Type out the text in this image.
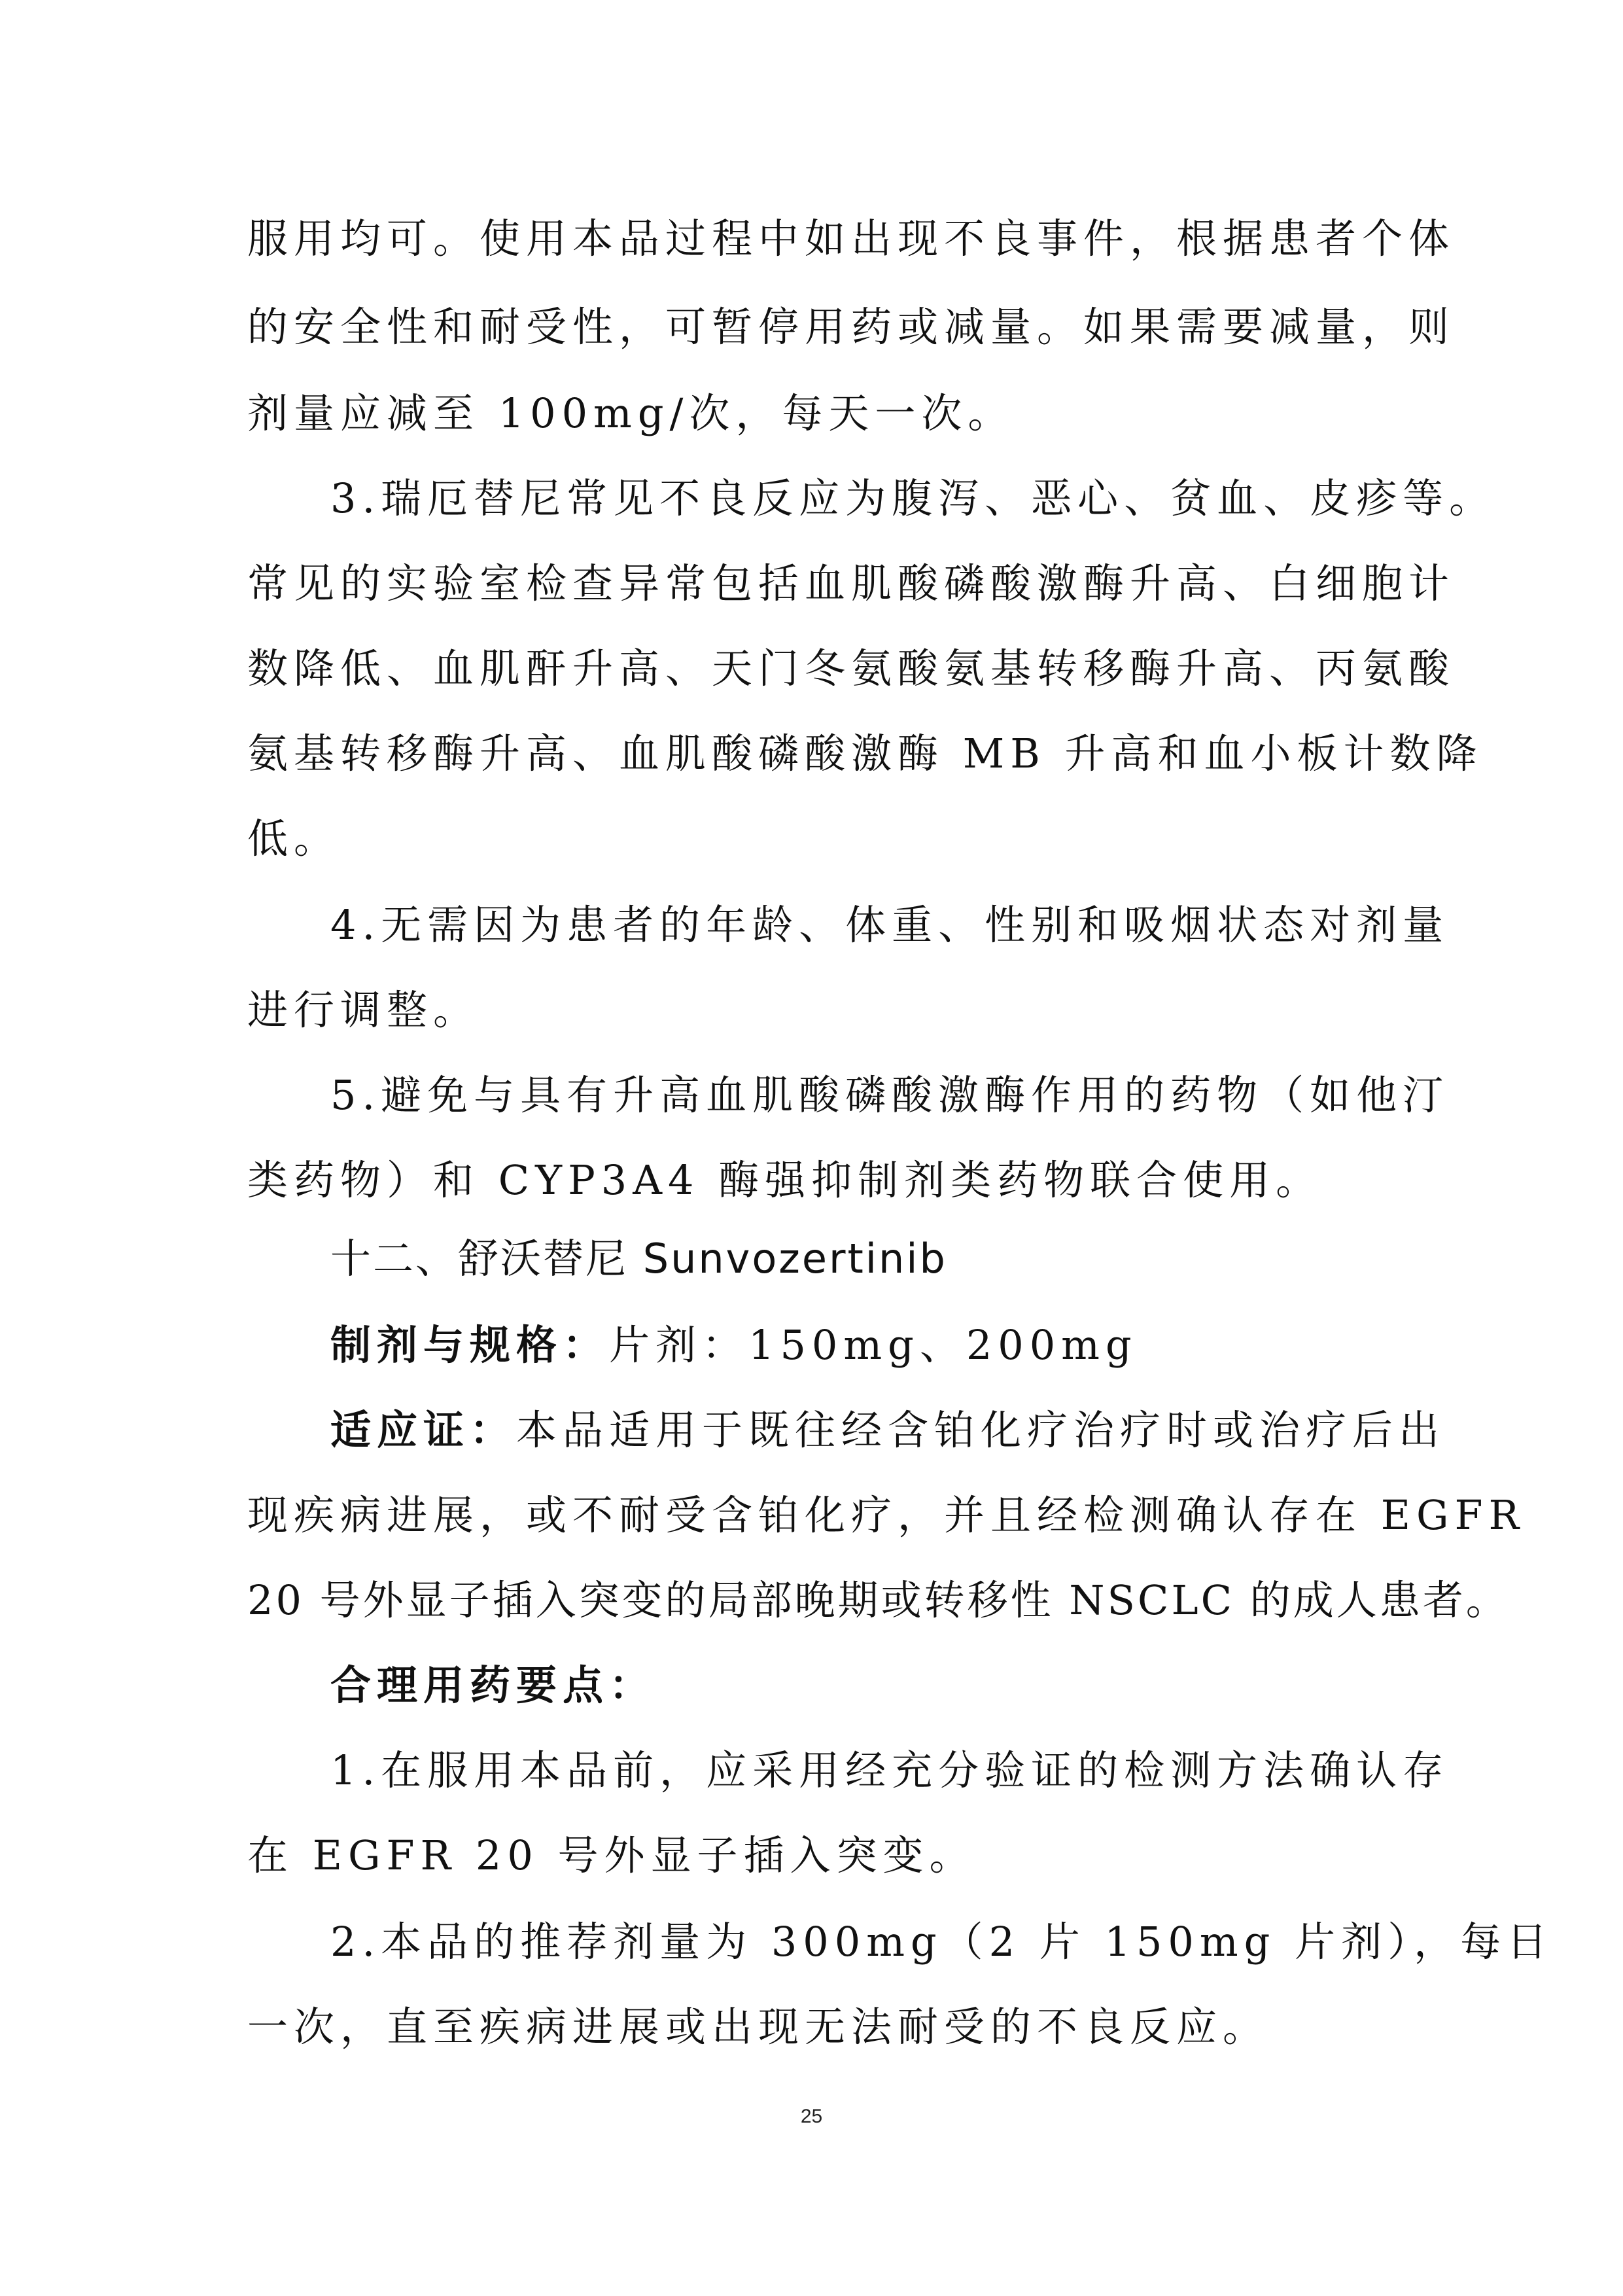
服用均可。使用本品过程中如出现不良事件，根据患者个体
的安全性和耐受性，可暂停用药或减量。如果需要减量，则
剂量应减至 100mg/次，每天一次。
3.瑞厄替尼常见不良反应为腹泻、恶心、贫血、皮疹等。
常见的实验室检查异常包括血肌酸磷酸激酶升高、白细胞计
数降低、血肌酐升高、天门冬氨酸氨基转移酶升高、丙氨酸
氨基转移酶升高、血肌酸磷酸激酶 MB 升高和血小板计数降
低。
4.无需因为患者的年龄、体重、性别和吸烟状态对剂量
进行调整。
5.避免与具有升高血肌酸磷酸激酶作用的药物（如他汀
类药物）和 CYP3A4 酶强抑制剂类药物联合使用。
十二、舒沃替尼 Sunvozertinib
制剂与规格：片剂：150mg、200mg
适应证：本品适用于既往经含铂化疗治疗时或治疗后出
现疾病进展，或不耐受含铂化疗，并且经检测确认存在 EGFR
20 号外显子插入突变的局部晚期或转移性 NSCLC 的成人患者。
合理用药要点：
1.在服用本品前，应采用经充分验证的检测方法确认存
在 EGFR 20 号外显子插入突变。
2.本品的推荐剂量为 300mg（2 片 150mg 片剂），每日
一次，直至疾病进展或出现无法耐受的不良反应。
25
